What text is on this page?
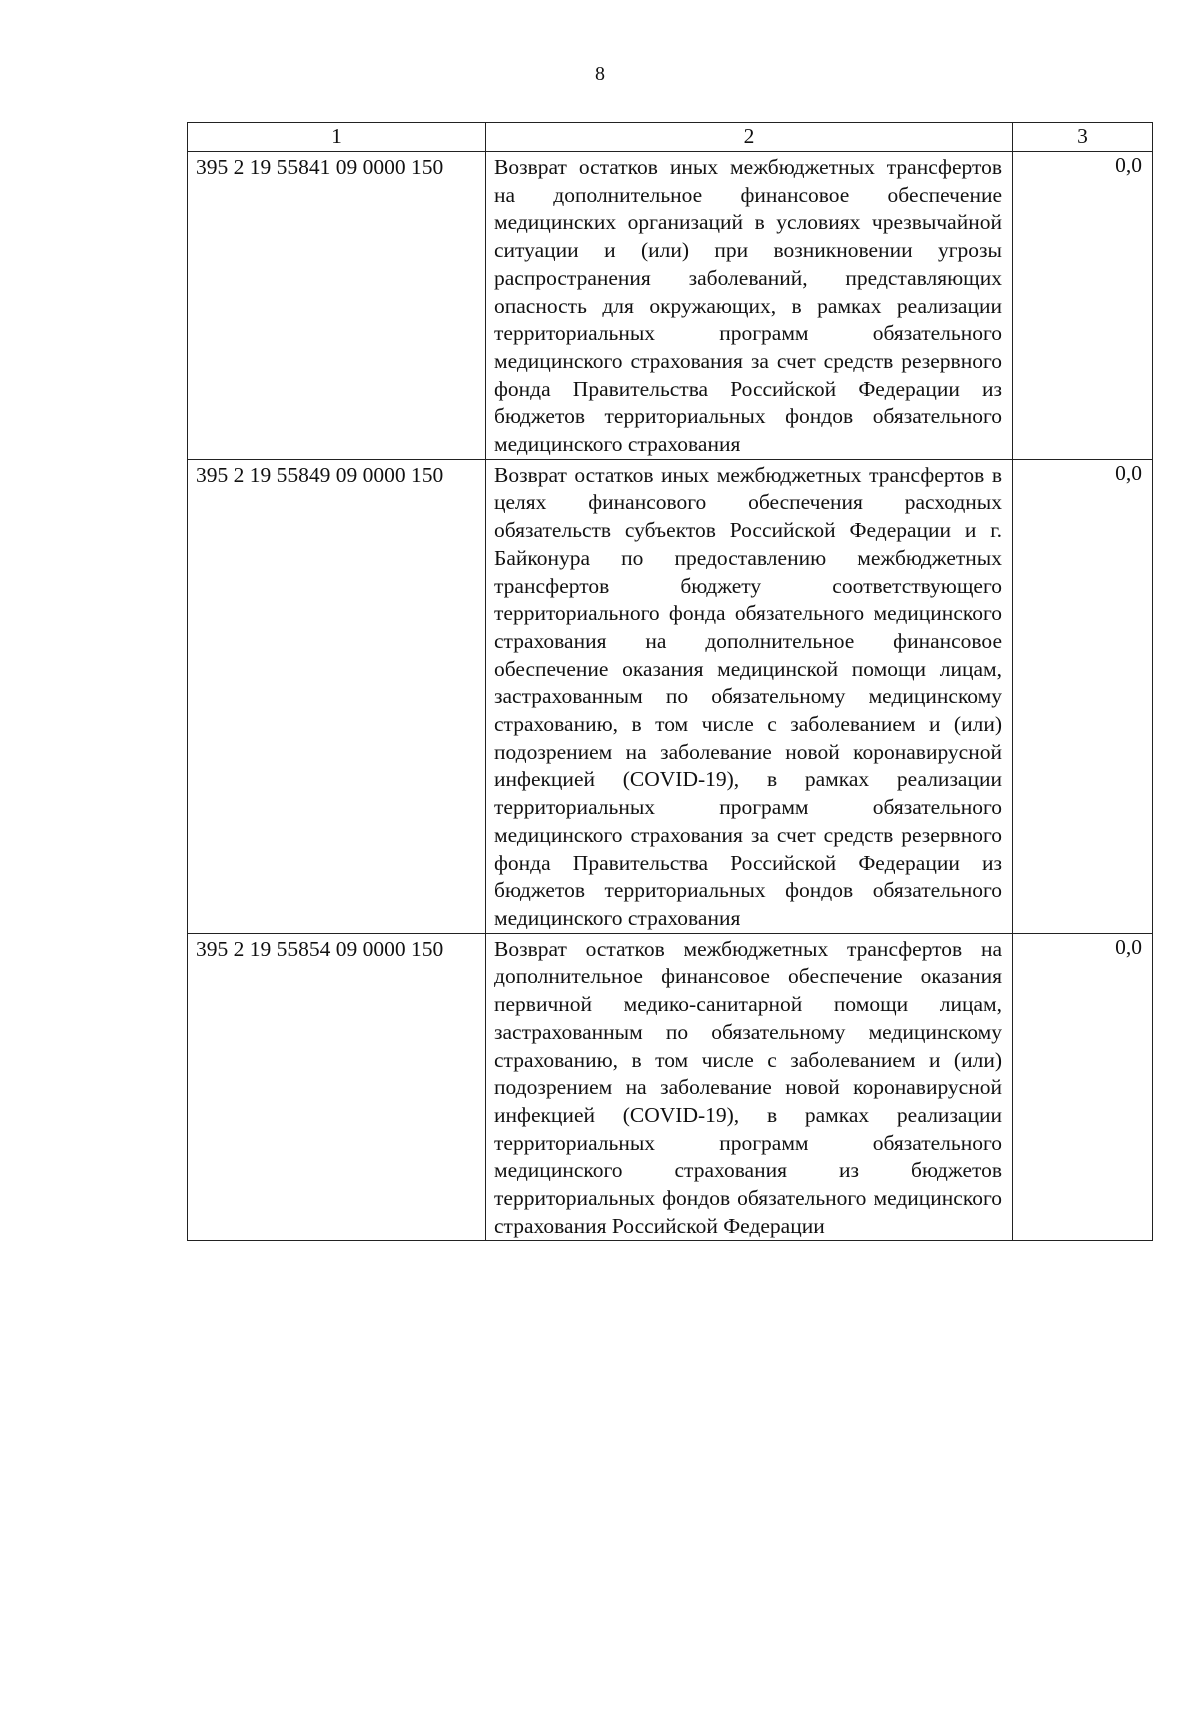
8
1	2	3
395 2 19 55841 09 0000 150	Возврат остатков иных межбюджетных трансфертов на дополнительное финансовое обеспечение медицинских организаций в условиях чрезвычайной ситуации и (или) при возникновении угрозы распространения заболеваний, представляющих опасность для окружающих, в рамках реализации территориальных программ обязательного медицинского страхования за счет средств резервного фонда Правительства Российской Федерации из бюджетов территориальных фондов обязательного медицинского страхования	0,0
395 2 19 55849 09 0000 150	Возврат остатков иных межбюджетных трансфертов в целях финансового обеспечения расходных обязательств субъектов Российской Федерации и г. Байконура по предоставлению межбюджетных трансфертов бюджету соответствующего территориального фонда обязательного медицинского страхования на дополнительное финансовое обеспечение оказания медицинской помощи лицам, застрахованным по обязательному медицинскому страхованию, в том числе с заболеванием и (или) подозрением на заболевание новой коронавирусной инфекцией (COVID-19), в рамках реализации территориальных программ обязательного медицинского страхования за счет средств резервного фонда Правительства Российской Федерации из бюджетов территориальных фондов обязательного медицинского страхования	0,0
395 2 19 55854 09 0000 150	Возврат остатков межбюджетных трансфертов на дополнительное финансовое обеспечение оказания первичной медико-санитарной помощи лицам, застрахованным по обязательному медицинскому страхованию, в том числе с заболеванием и (или) подозрением на заболевание новой коронавирусной инфекцией (COVID-19), в рамках реализации территориальных программ обязательного медицинского страхования из бюджетов территориальных фондов обязательного медицинского страхования Российской Федерации	0,0
